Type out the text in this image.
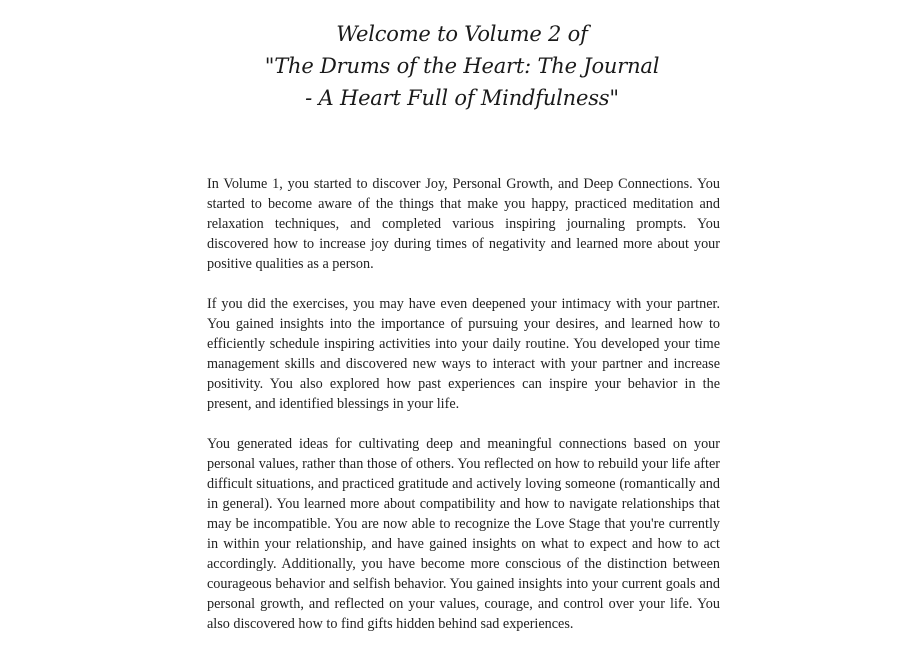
Welcome to Volume 2 of
"The Drums of the Heart: The Journal
- A Heart Full of Mindfulness"

In Volume 1, you started to discover Joy, Personal Growth, and Deep Connections. You started to become aware of the things that make you happy, practiced meditation and relaxation techniques, and completed various inspiring journaling prompts. You discovered how to increase joy during times of negativity and learned more about your positive qualities as a person.

If you did the exercises, you may have even deepened your intimacy with your partner. You gained insights into the importance of pursuing your desires, and learned how to efficiently schedule inspiring activities into your daily routine. You developed your time management skills and discovered new ways to interact with your partner and increase positivity. You also explored how past experiences can inspire your behavior in the present, and identified blessings in your life.

You generated ideas for cultivating deep and meaningful connections based on your personal values, rather than those of others. You reflected on how to rebuild your life after difficult situations, and practiced gratitude and actively loving someone (romantically and in general). You learned more about compatibility and how to navigate relationships that may be incompatible. You are now able to recognize the Love Stage that you're currently in within your relationship, and have gained insights on what to expect and how to act accordingly. Additionally, you have become more conscious of the distinction between courageous behavior and selfish behavior. You gained insights into your current goals and personal growth, and reflected on your values, courage, and control over your life. You also discovered how to find gifts hidden behind sad experiences.
